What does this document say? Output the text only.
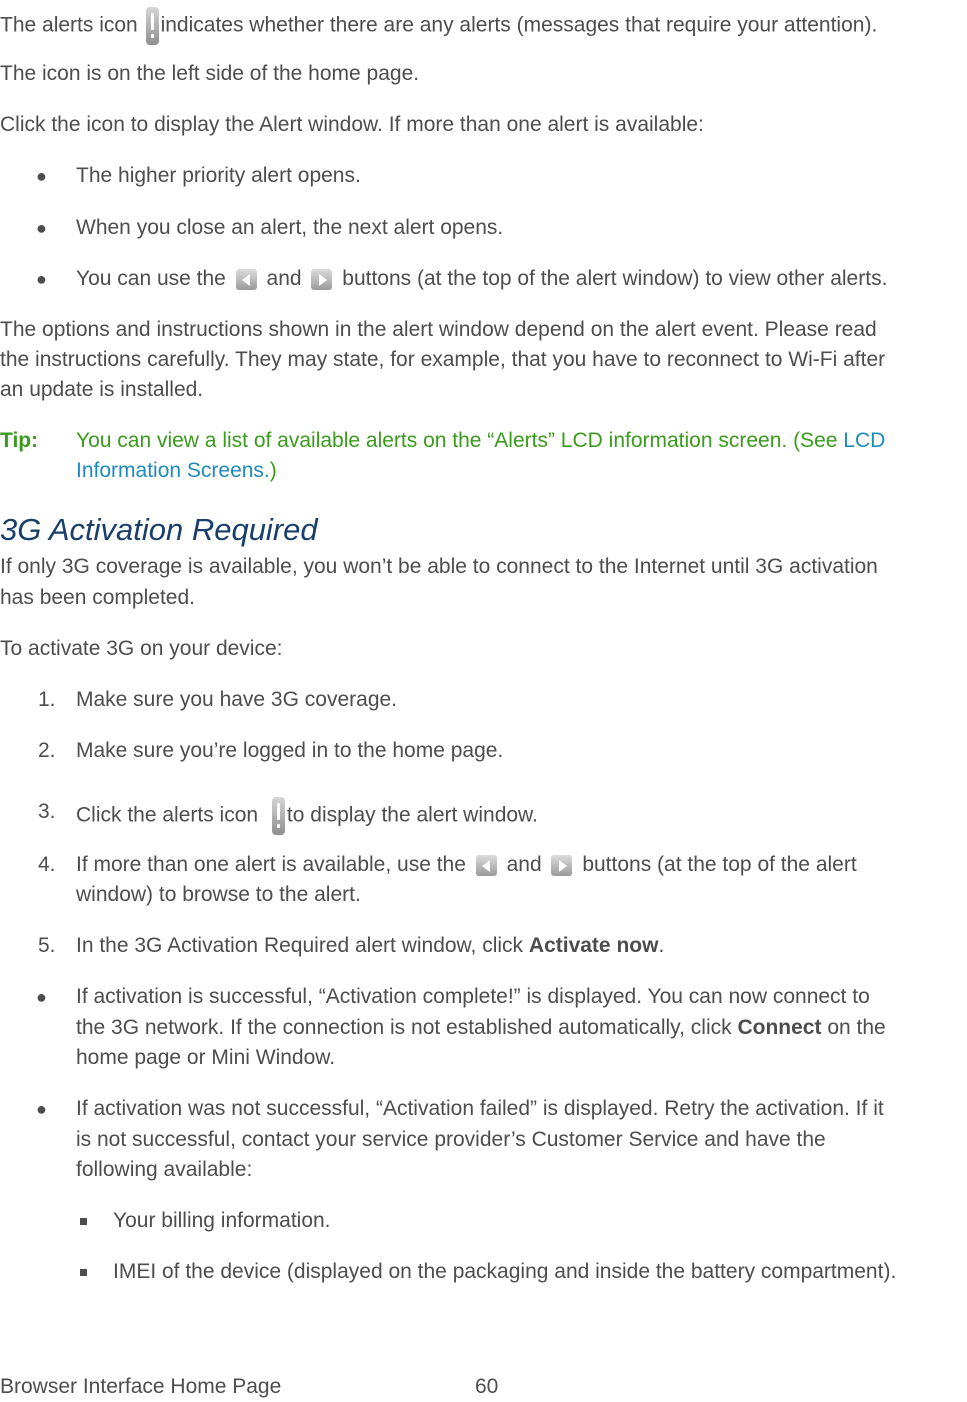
The alerts icon indicates whether there are any alerts (messages that require your attention).
The icon is on the left side of the home page.
Click the icon to display the Alert window. If more than one alert is available:
● The higher priority alert opens.
● When you close an alert, the next alert opens.
● You can use the and buttons (at the top of the alert window) to view other alerts.
The options and instructions shown in the alert window depend on the alert event. Please read
the instructions carefully. They may state, for example, that you have to reconnect to Wi-Fi after
an update is installed.
Tip: You can view a list of available alerts on the “Alerts” LCD information screen. (See LCD
Information Screens.)
3G Activation Required
If only 3G coverage is available, you won’t be able to connect to the Internet until 3G activation
has been completed.
To activate 3G on your device:
1. Make sure you have 3G coverage.
2. Make sure you’re logged in to the home page.
3. Click the alerts icon to display the alert window.
4. If more than one alert is available, use the and buttons (at the top of the alert
window) to browse to the alert.
5. In the 3G Activation Required alert window, click Activate now.
● If activation is successful, “Activation complete!” is displayed. You can now connect to
the 3G network. If the connection is not established automatically, click Connect on the
home page or Mini Window.
● If activation was not successful, “Activation failed” is displayed. Retry the activation. If it
is not successful, contact your service provider’s Customer Service and have the
following available:
Your billing information.
IMEI of the device (displayed on the packaging and inside the battery compartment).
Browser Interface Home Page	60
